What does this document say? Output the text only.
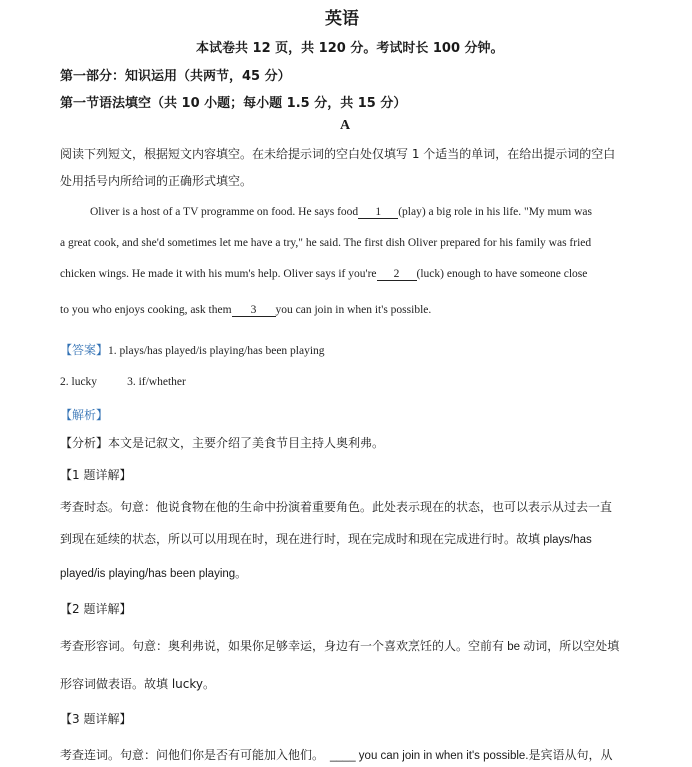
英语
本试卷共 12 页，共 120 分。考试时长 100 分钟。
第一部分：知识运用（共两节，45 分）
第一节语法填空（共 10 小题；每小题 1.5 分，共 15 分）
A
阅读下列短文，根据短文内容填空。在未给提示词的空白处仅填写 1 个适当的单词，在给出提示词的空白
处用括号内所给词的正确形式填空。
Oliver is a host of a TV programme on food. He says food 1 (play) a big role in his life. "My mum was
a great cook, and she'd sometimes let me have a try," he said. The first dish Oliver prepared for his family was fried
chicken wings. He made it with his mum's help. Oliver says if you're 2 (luck) enough to have someone close
to you who enjoys cooking, ask them 3 you can join in when it's possible.
【答案】1. plays/has played/is playing/has been playing
2. lucky	3. if/whether
【解析】
【分析】本文是记叙文，主要介绍了美食节目主持人奥利弗。
【1 题详解】
考查时态。句意：他说食物在他的生命中扮演着重要角色。此处表示现在的状态，也可以表示从过去一直
到现在延续的状态，所以可以用现在时，现在进行时，现在完成时和现在完成进行时。故填 plays/has
played/is playing/has been playing。
【2 题详解】
考查形容词。句意：奥利弗说，如果你足够幸运，身边有一个喜欢烹饪的人。空前有 be 动词，所以空处填
形容词做表语。故填 lucky。
【3 题详解】
考查连词。句意：问他们你是否有可能加入他们。 ____ you can join in when it's possible.是宾语从句，从
